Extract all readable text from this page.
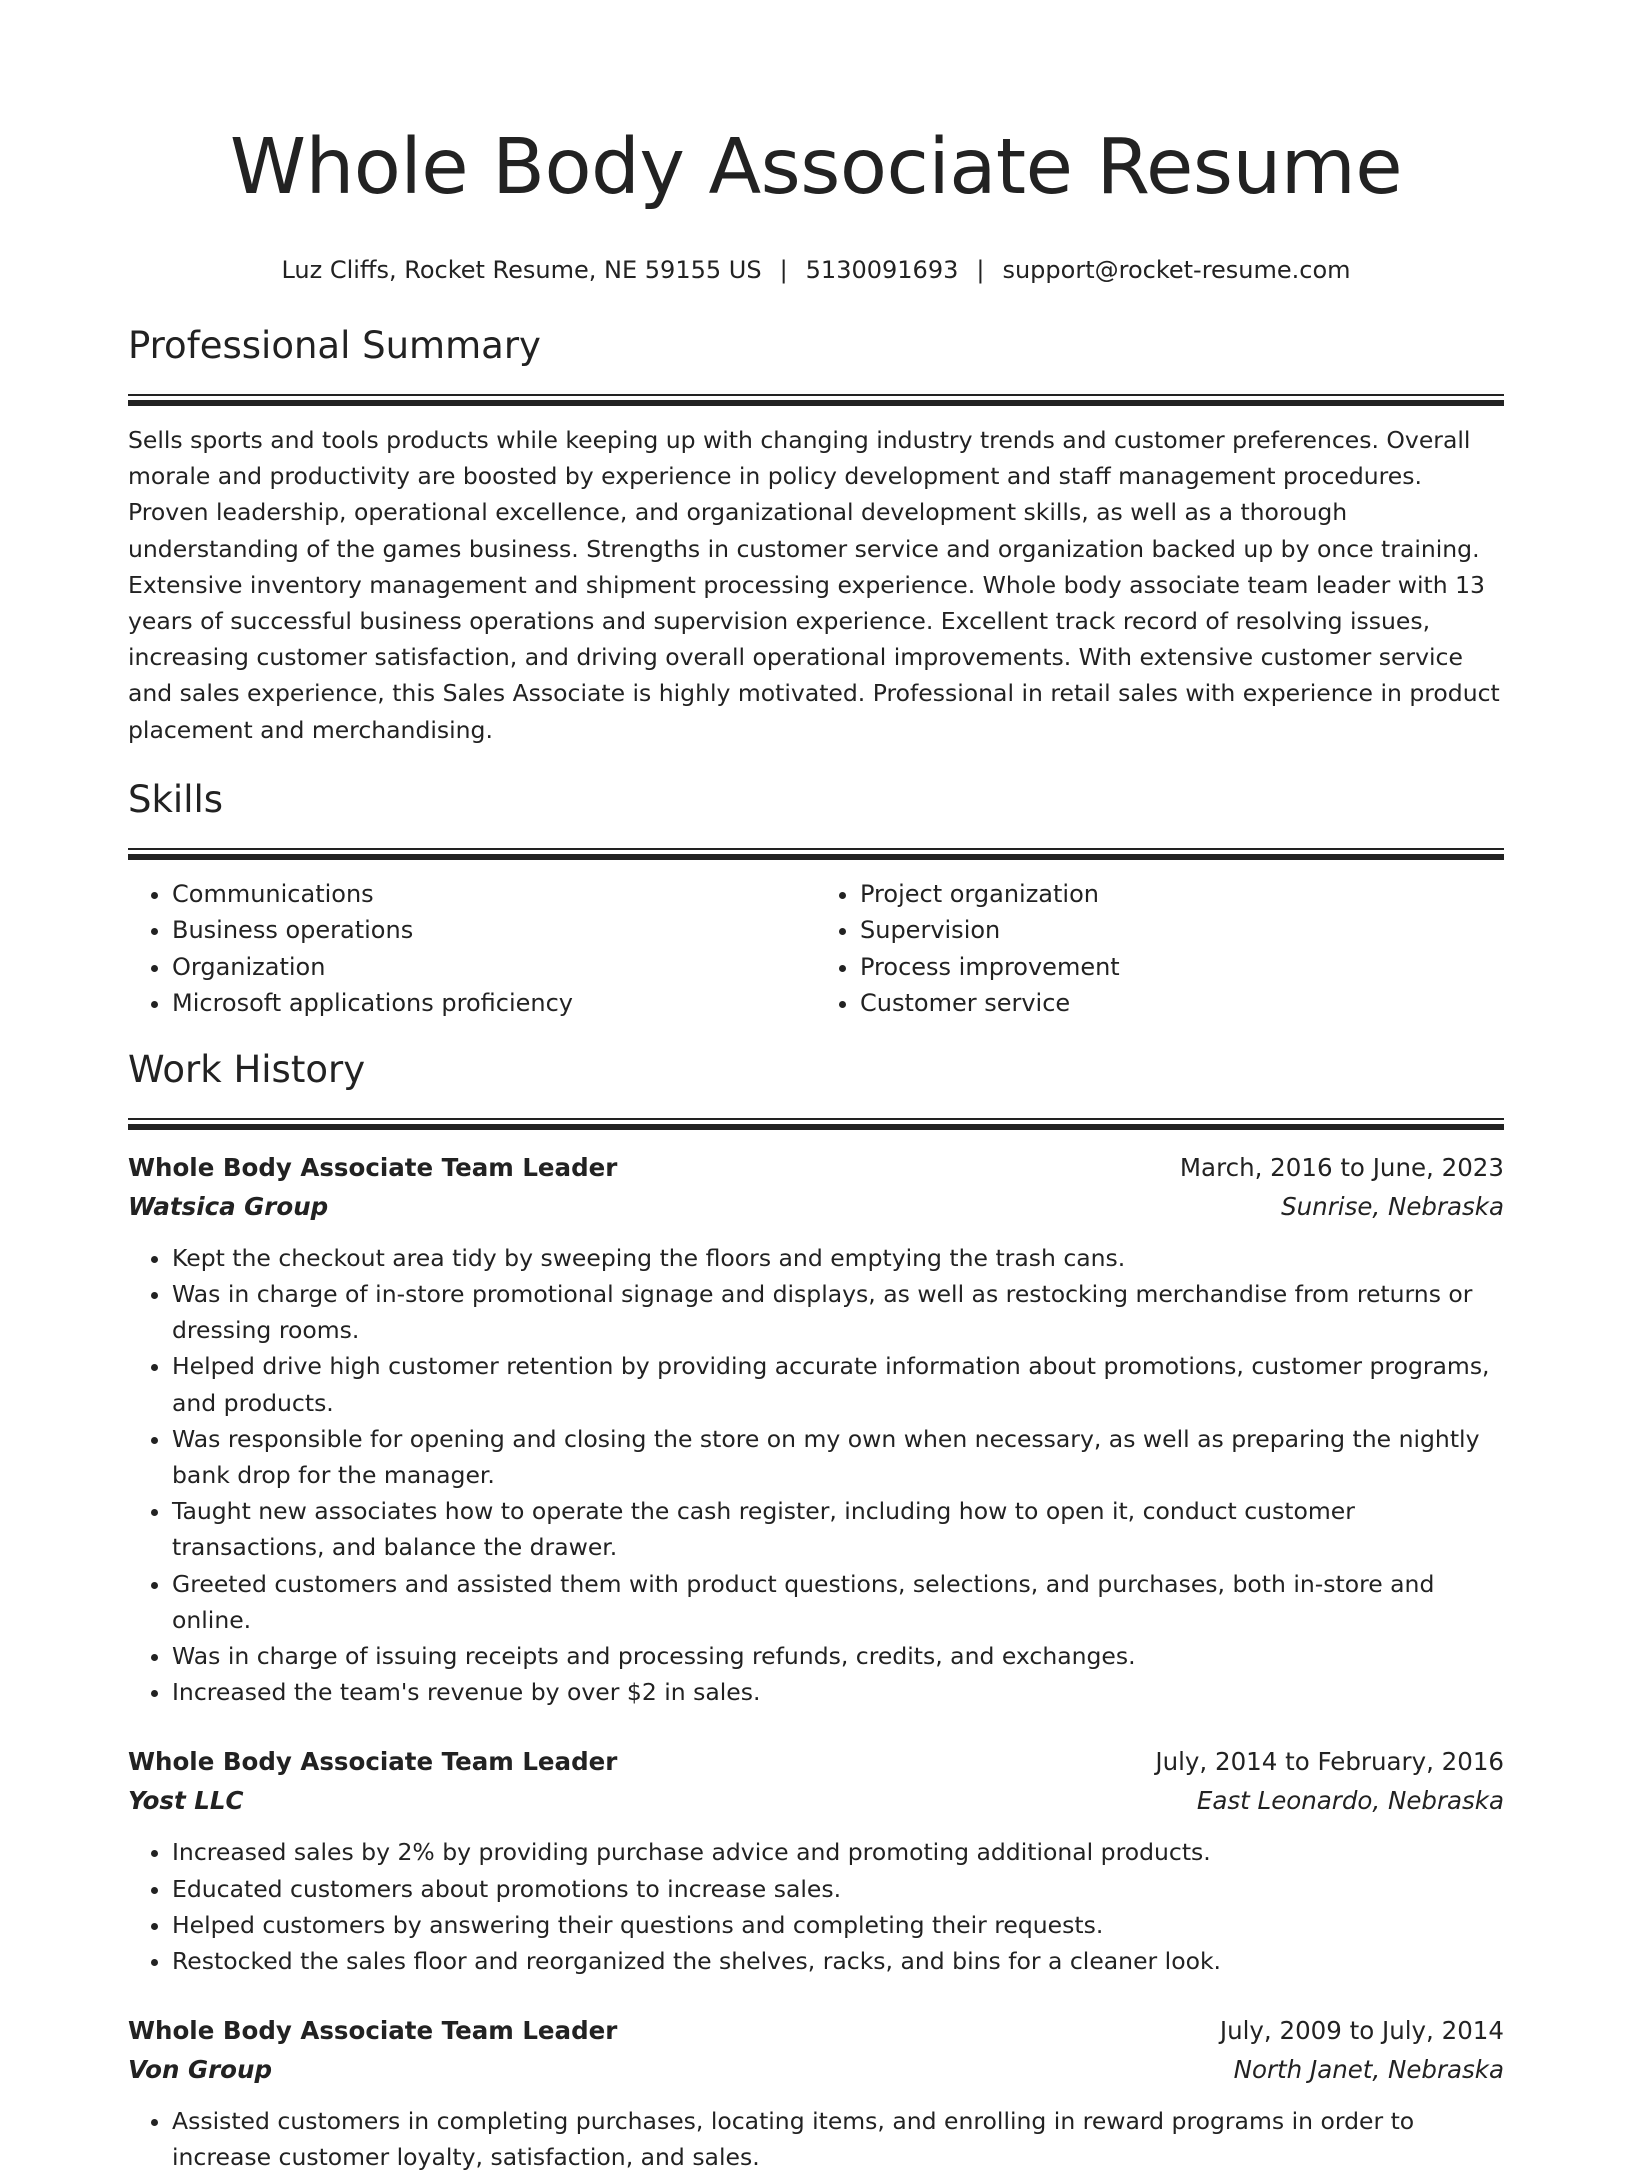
Whole Body Associate Resume
Luz Cliffs, Rocket Resume, NE 59155 US | 5130091693 | support@rocket-resume.com
Professional Summary

Sells sports and tools products while keeping up with changing industry trends and customer preferences. Overall morale and productivity are boosted by experience in policy development and staff management procedures. Proven leadership, operational excellence, and organizational development skills, as well as a thorough understanding of the games business. Strengths in customer service and organization backed up by once training. Extensive inventory management and shipment processing experience. Whole body associate team leader with 13 years of successful business operations and supervision experience. Excellent track record of resolving issues, increasing customer satisfaction, and driving overall operational improvements. With extensive customer service and sales experience, this Sales Associate is highly motivated. Professional in retail sales with experience in product placement and merchandising.

Skills
• Communications
• Business operations
• Organization
• Microsoft applications proficiency
• Project organization
• Supervision
• Process improvement
• Customer service
Work History
Whole Body Associate Team Leader	March, 2016 to June, 2023
Watsica Group	Sunrise, Nebraska
• Kept the checkout area tidy by sweeping the floors and emptying the trash cans.
• Was in charge of in-store promotional signage and displays, as well as restocking merchandise from returns or dressing rooms.
• Helped drive high customer retention by providing accurate information about promotions, customer programs, and products.
• Was responsible for opening and closing the store on my own when necessary, as well as preparing the nightly bank drop for the manager.
• Taught new associates how to operate the cash register, including how to open it, conduct customer transactions, and balance the drawer.
• Greeted customers and assisted them with product questions, selections, and purchases, both in-store and online.
• Was in charge of issuing receipts and processing refunds, credits, and exchanges.
• Increased the team's revenue by over $2 in sales.
Whole Body Associate Team Leader	July, 2014 to February, 2016
Yost LLC	East Leonardo, Nebraska
• Increased sales by 2% by providing purchase advice and promoting additional products.
• Educated customers about promotions to increase sales.
• Helped customers by answering their questions and completing their requests.
• Restocked the sales floor and reorganized the shelves, racks, and bins for a cleaner look.
Whole Body Associate Team Leader	July, 2009 to July, 2014
Von Group	North Janet, Nebraska
• Assisted customers in completing purchases, locating items, and enrolling in reward programs in order to increase customer loyalty, satisfaction, and sales.
